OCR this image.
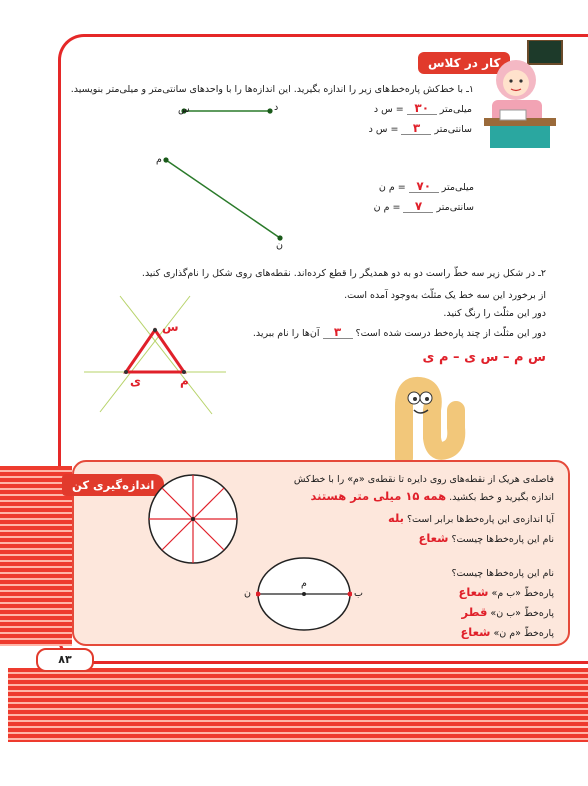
کار در کلاس
۱ـ با خط‌کش پاره‌خط‌های زیر را اندازه بگیرید. این اندازه‌ها را با واحدهای سانتی‌متر و میلی‌متر بنویسید.
س	د	میلی‌متر ۳۰ = س د
سانتی‌متر ۳ = س د
م
ن
میلی‌متر ۷۰ = م ن
سانتی‌متر ۷ = م ن
۲ـ در شکل زیر سه خطّ راست دو به دو همدیگر را قطع کرده‌اند. نقطه‌های روی شکل را نام‌گذاری کنید.
از برخورد این سه خط یک مثلّث به‌وجود آمده است.
دور این مثلّث را رنگ کنید.
دور این مثلّث از چند پاره‌خط درست شده است؟ ۳ آن‌ها را نام ببرید.
س م – س ی – م ی
س
ی	م
اندازه‌گیری کن	فاصله‌ی هریک از نقطه‌های روی دایره تا نقطه‌ی «م» را با خط‌کش
اندازه بگیرید و خط بکشید. همه ۱۵ میلی متر هستند
آیا اندازه‌ی این پاره‌خط‌ها برابر است؟ بله
نام این پاره‌خط‌ها چیست؟ شعاع
م
ن	ب
نام این پاره‌خط‌ها چیست؟
پاره‌خطّ «ب م» شعاع
پاره‌خطّ «ب ن» قطر
پاره‌خطّ «م ن» شعاع
۸۳
